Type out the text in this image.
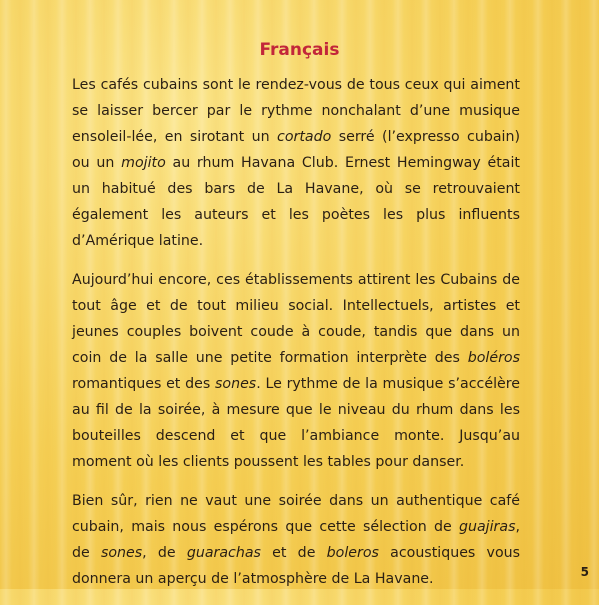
Français

Les cafés cubains sont le rendez-vous de tous ceux qui aiment se laisser bercer par le rythme nonchalant d’une musique ensoleil-lée, en sirotant un cortado serré (l’expresso cubain) ou un mojito au rhum Havana Club. Ernest Hemingway était un habitué des bars de La Havane, où se retrouvaient également les auteurs et les poètes les plus influents d’Amérique latine.

Aujourd’hui encore, ces établissements attirent les Cubains de tout âge et de tout milieu social. Intellectuels, artistes et jeunes couples boivent coude à coude, tandis que dans un coin de la salle une petite formation interprète des boléros romantiques et des sones. Le rythme de la musique s’accélère au fil de la soirée, à mesure que le niveau du rhum dans les bouteilles descend et que l’ambiance monte. Jusqu’au moment où les clients poussent les tables pour danser.

Bien sûr, rien ne vaut une soirée dans un authentique café cubain, mais nous espérons que cette sélection de guajiras, de sones, de guarachas et de boleros acoustiques vous donnera un aperçu de l’atmosphère de La Havane.	5
